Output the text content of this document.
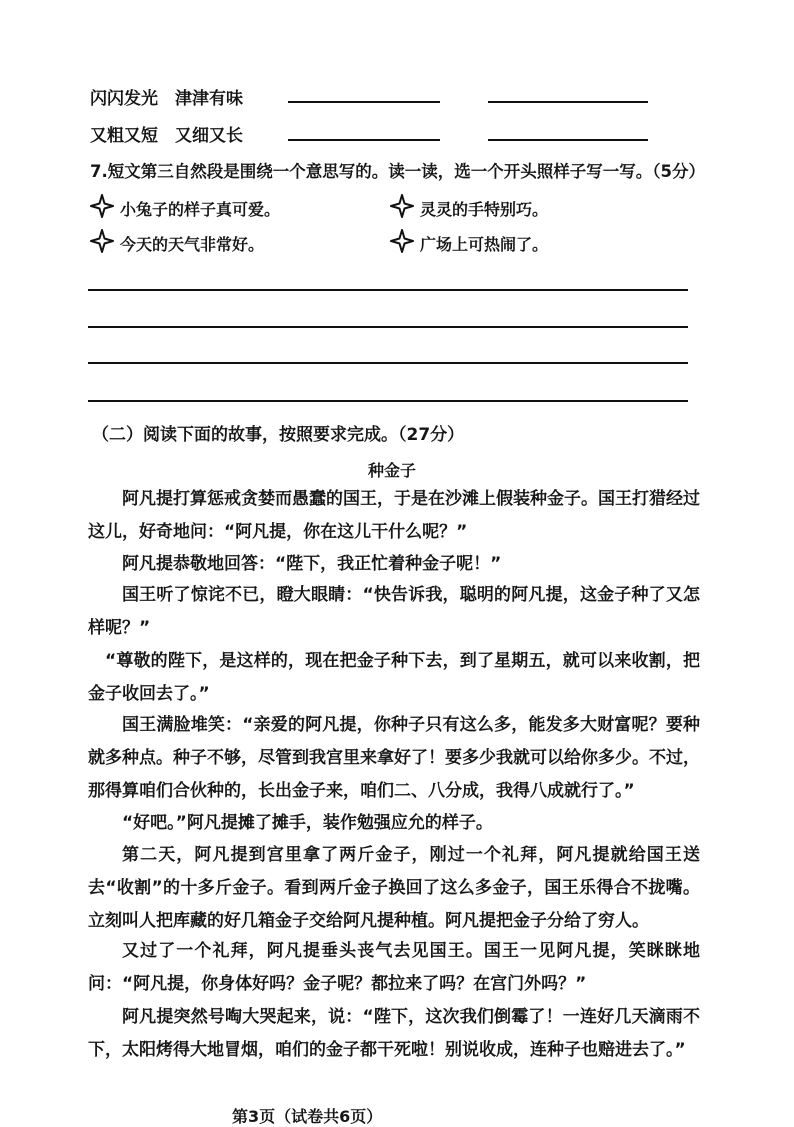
闪闪发光　津津有味
又粗又短　又细又长
7.短文第三自然段是围绕一个意思写的。读一读，选一个开头照样子写一写。（5分）
小兔子的样子真可爱。	灵灵的手特别巧。
今天的天气非常好。	广场上可热闹了。
（二）阅读下面的故事，按照要求完成。（27分）
种金子
阿凡提打算惩戒贪婪而愚蠢的国王，于是在沙滩上假装种金子。国王打猎经过这儿，好奇地问：“阿凡提，你在这儿干什么呢？”
阿凡提恭敬地回答：“陛下，我正忙着种金子呢！”
国王听了惊诧不已，瞪大眼睛：“快告诉我，聪明的阿凡提，这金子种了又怎样呢？”
“尊敬的陛下，是这样的，现在把金子种下去，到了星期五，就可以来收割，把金子收回去了。”
国王满脸堆笑：“亲爱的阿凡提，你种子只有这么多，能发多大财富呢？要种就多种点。种子不够，尽管到我宫里来拿好了！要多少我就可以给你多少。不过，那得算咱们合伙种的，长出金子来，咱们二、八分成，我得八成就行了。”
“好吧。”阿凡提摊了摊手，装作勉强应允的样子。
第二天，阿凡提到宫里拿了两斤金子，刚过一个礼拜，阿凡提就给国王送去“收割”的十多斤金子。看到两斤金子换回了这么多金子，国王乐得合不拢嘴。立刻叫人把库藏的好几箱金子交给阿凡提种植。阿凡提把金子分给了穷人。
又过了一个礼拜，阿凡提垂头丧气去见国王。国王一见阿凡提，笑眯眯地问：“阿凡提，你身体好吗？金子呢？都拉来了吗？在宫门外吗？”
阿凡提突然号啕大哭起来，说：“陛下，这次我们倒霉了！一连好几天滴雨不下，太阳烤得大地冒烟，咱们的金子都干死啦！别说收成，连种子也赔进去了。”
第3页（试卷共6页）
